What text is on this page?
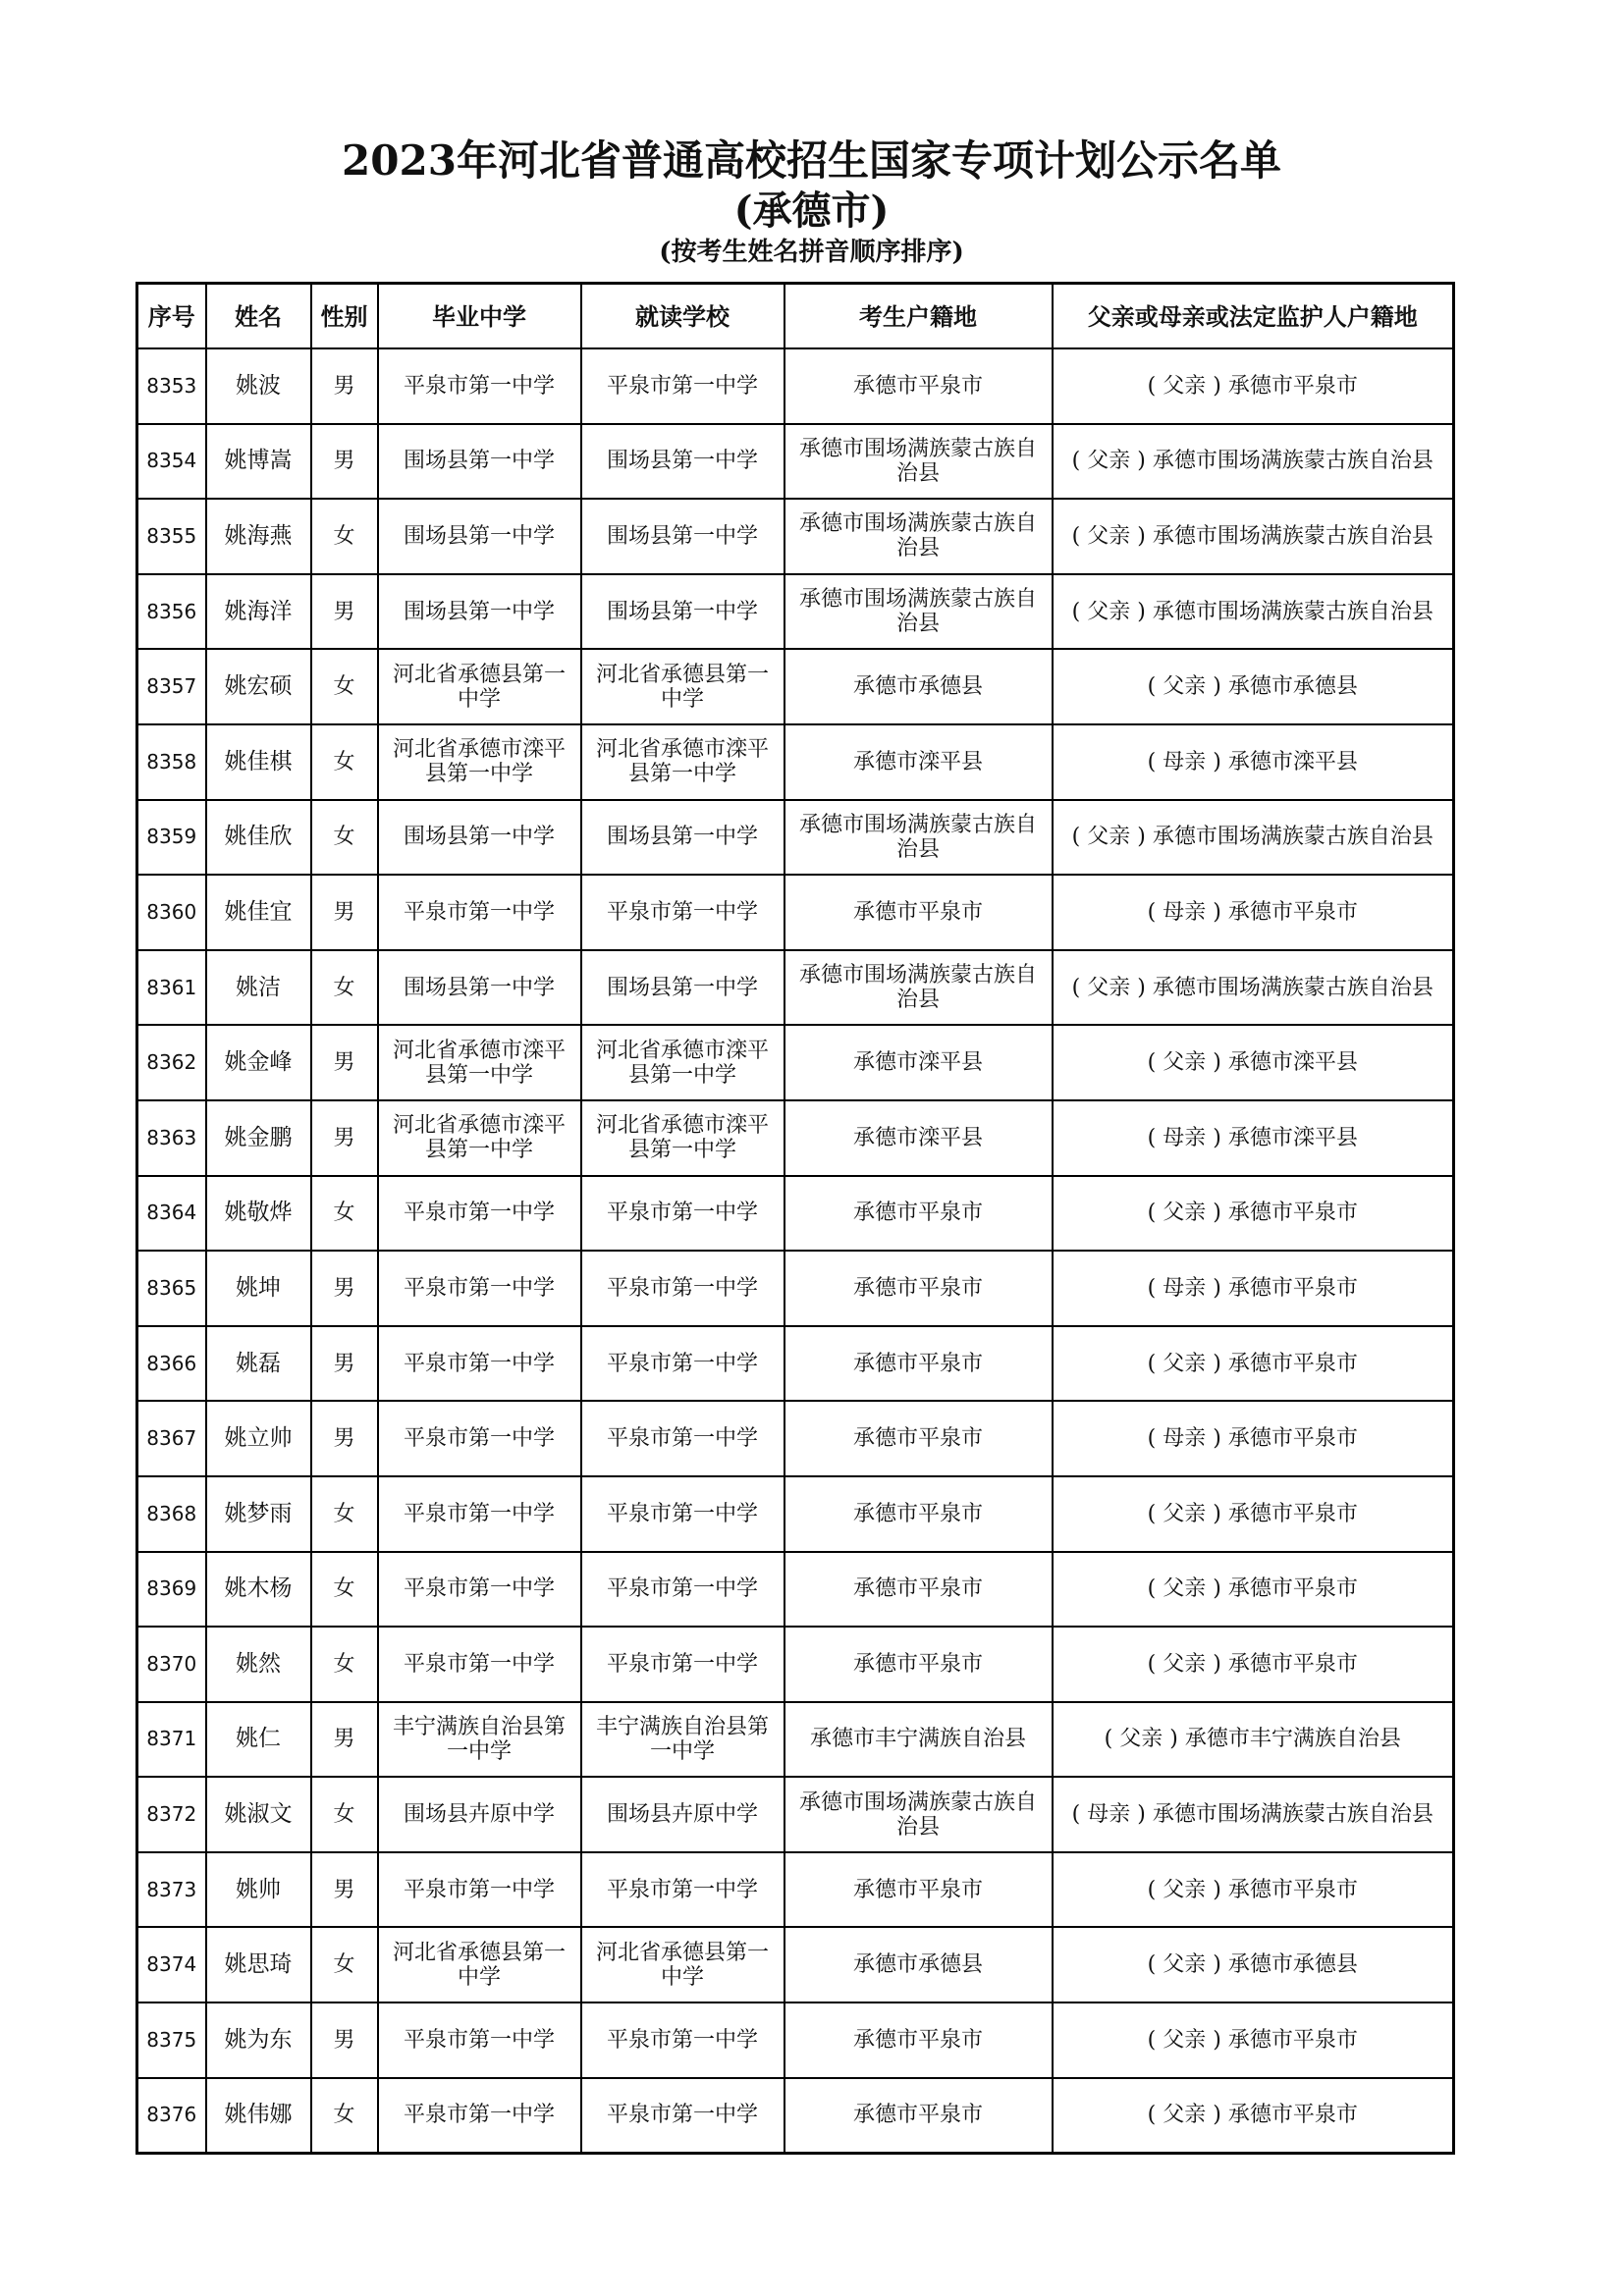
2023年河北省普通高校招生国家专项计划公示名单
(承德市)
(按考生姓名拼音顺序排序)
序号	姓名	性别	毕业中学	就读学校	考生户籍地	父亲或母亲或法定监护人户籍地
8353	姚波	男	平泉市第一中学	平泉市第一中学	承德市平泉市	( 父亲 ) 承德市平泉市
8354	姚博嵩	男	围场县第一中学	围场县第一中学	承德市围场满族蒙古族自治县	( 父亲 ) 承德市围场满族蒙古族自治县
8355	姚海燕	女	围场县第一中学	围场县第一中学	承德市围场满族蒙古族自治县	( 父亲 ) 承德市围场满族蒙古族自治县
8356	姚海洋	男	围场县第一中学	围场县第一中学	承德市围场满族蒙古族自治县	( 父亲 ) 承德市围场满族蒙古族自治县
8357	姚宏硕	女	河北省承德县第一中学	河北省承德县第一中学	承德市承德县	( 父亲 ) 承德市承德县
8358	姚佳棋	女	河北省承德市滦平县第一中学	河北省承德市滦平县第一中学	承德市滦平县	( 母亲 ) 承德市滦平县
8359	姚佳欣	女	围场县第一中学	围场县第一中学	承德市围场满族蒙古族自治县	( 父亲 ) 承德市围场满族蒙古族自治县
8360	姚佳宜	男	平泉市第一中学	平泉市第一中学	承德市平泉市	( 母亲 ) 承德市平泉市
8361	姚洁	女	围场县第一中学	围场县第一中学	承德市围场满族蒙古族自治县	( 父亲 ) 承德市围场满族蒙古族自治县
8362	姚金峰	男	河北省承德市滦平县第一中学	河北省承德市滦平县第一中学	承德市滦平县	( 父亲 ) 承德市滦平县
8363	姚金鹏	男	河北省承德市滦平县第一中学	河北省承德市滦平县第一中学	承德市滦平县	( 母亲 ) 承德市滦平县
8364	姚敬烨	女	平泉市第一中学	平泉市第一中学	承德市平泉市	( 父亲 ) 承德市平泉市
8365	姚坤	男	平泉市第一中学	平泉市第一中学	承德市平泉市	( 母亲 ) 承德市平泉市
8366	姚磊	男	平泉市第一中学	平泉市第一中学	承德市平泉市	( 父亲 ) 承德市平泉市
8367	姚立帅	男	平泉市第一中学	平泉市第一中学	承德市平泉市	( 母亲 ) 承德市平泉市
8368	姚梦雨	女	平泉市第一中学	平泉市第一中学	承德市平泉市	( 父亲 ) 承德市平泉市
8369	姚木杨	女	平泉市第一中学	平泉市第一中学	承德市平泉市	( 父亲 ) 承德市平泉市
8370	姚然	女	平泉市第一中学	平泉市第一中学	承德市平泉市	( 父亲 ) 承德市平泉市
8371	姚仁	男	丰宁满族自治县第一中学	丰宁满族自治县第一中学	承德市丰宁满族自治县	( 父亲 ) 承德市丰宁满族自治县
8372	姚淑文	女	围场县卉原中学	围场县卉原中学	承德市围场满族蒙古族自治县	( 母亲 ) 承德市围场满族蒙古族自治县
8373	姚帅	男	平泉市第一中学	平泉市第一中学	承德市平泉市	( 父亲 ) 承德市平泉市
8374	姚思琦	女	河北省承德县第一中学	河北省承德县第一中学	承德市承德县	( 父亲 ) 承德市承德县
8375	姚为东	男	平泉市第一中学	平泉市第一中学	承德市平泉市	( 父亲 ) 承德市平泉市
8376	姚伟娜	女	平泉市第一中学	平泉市第一中学	承德市平泉市	( 父亲 ) 承德市平泉市
